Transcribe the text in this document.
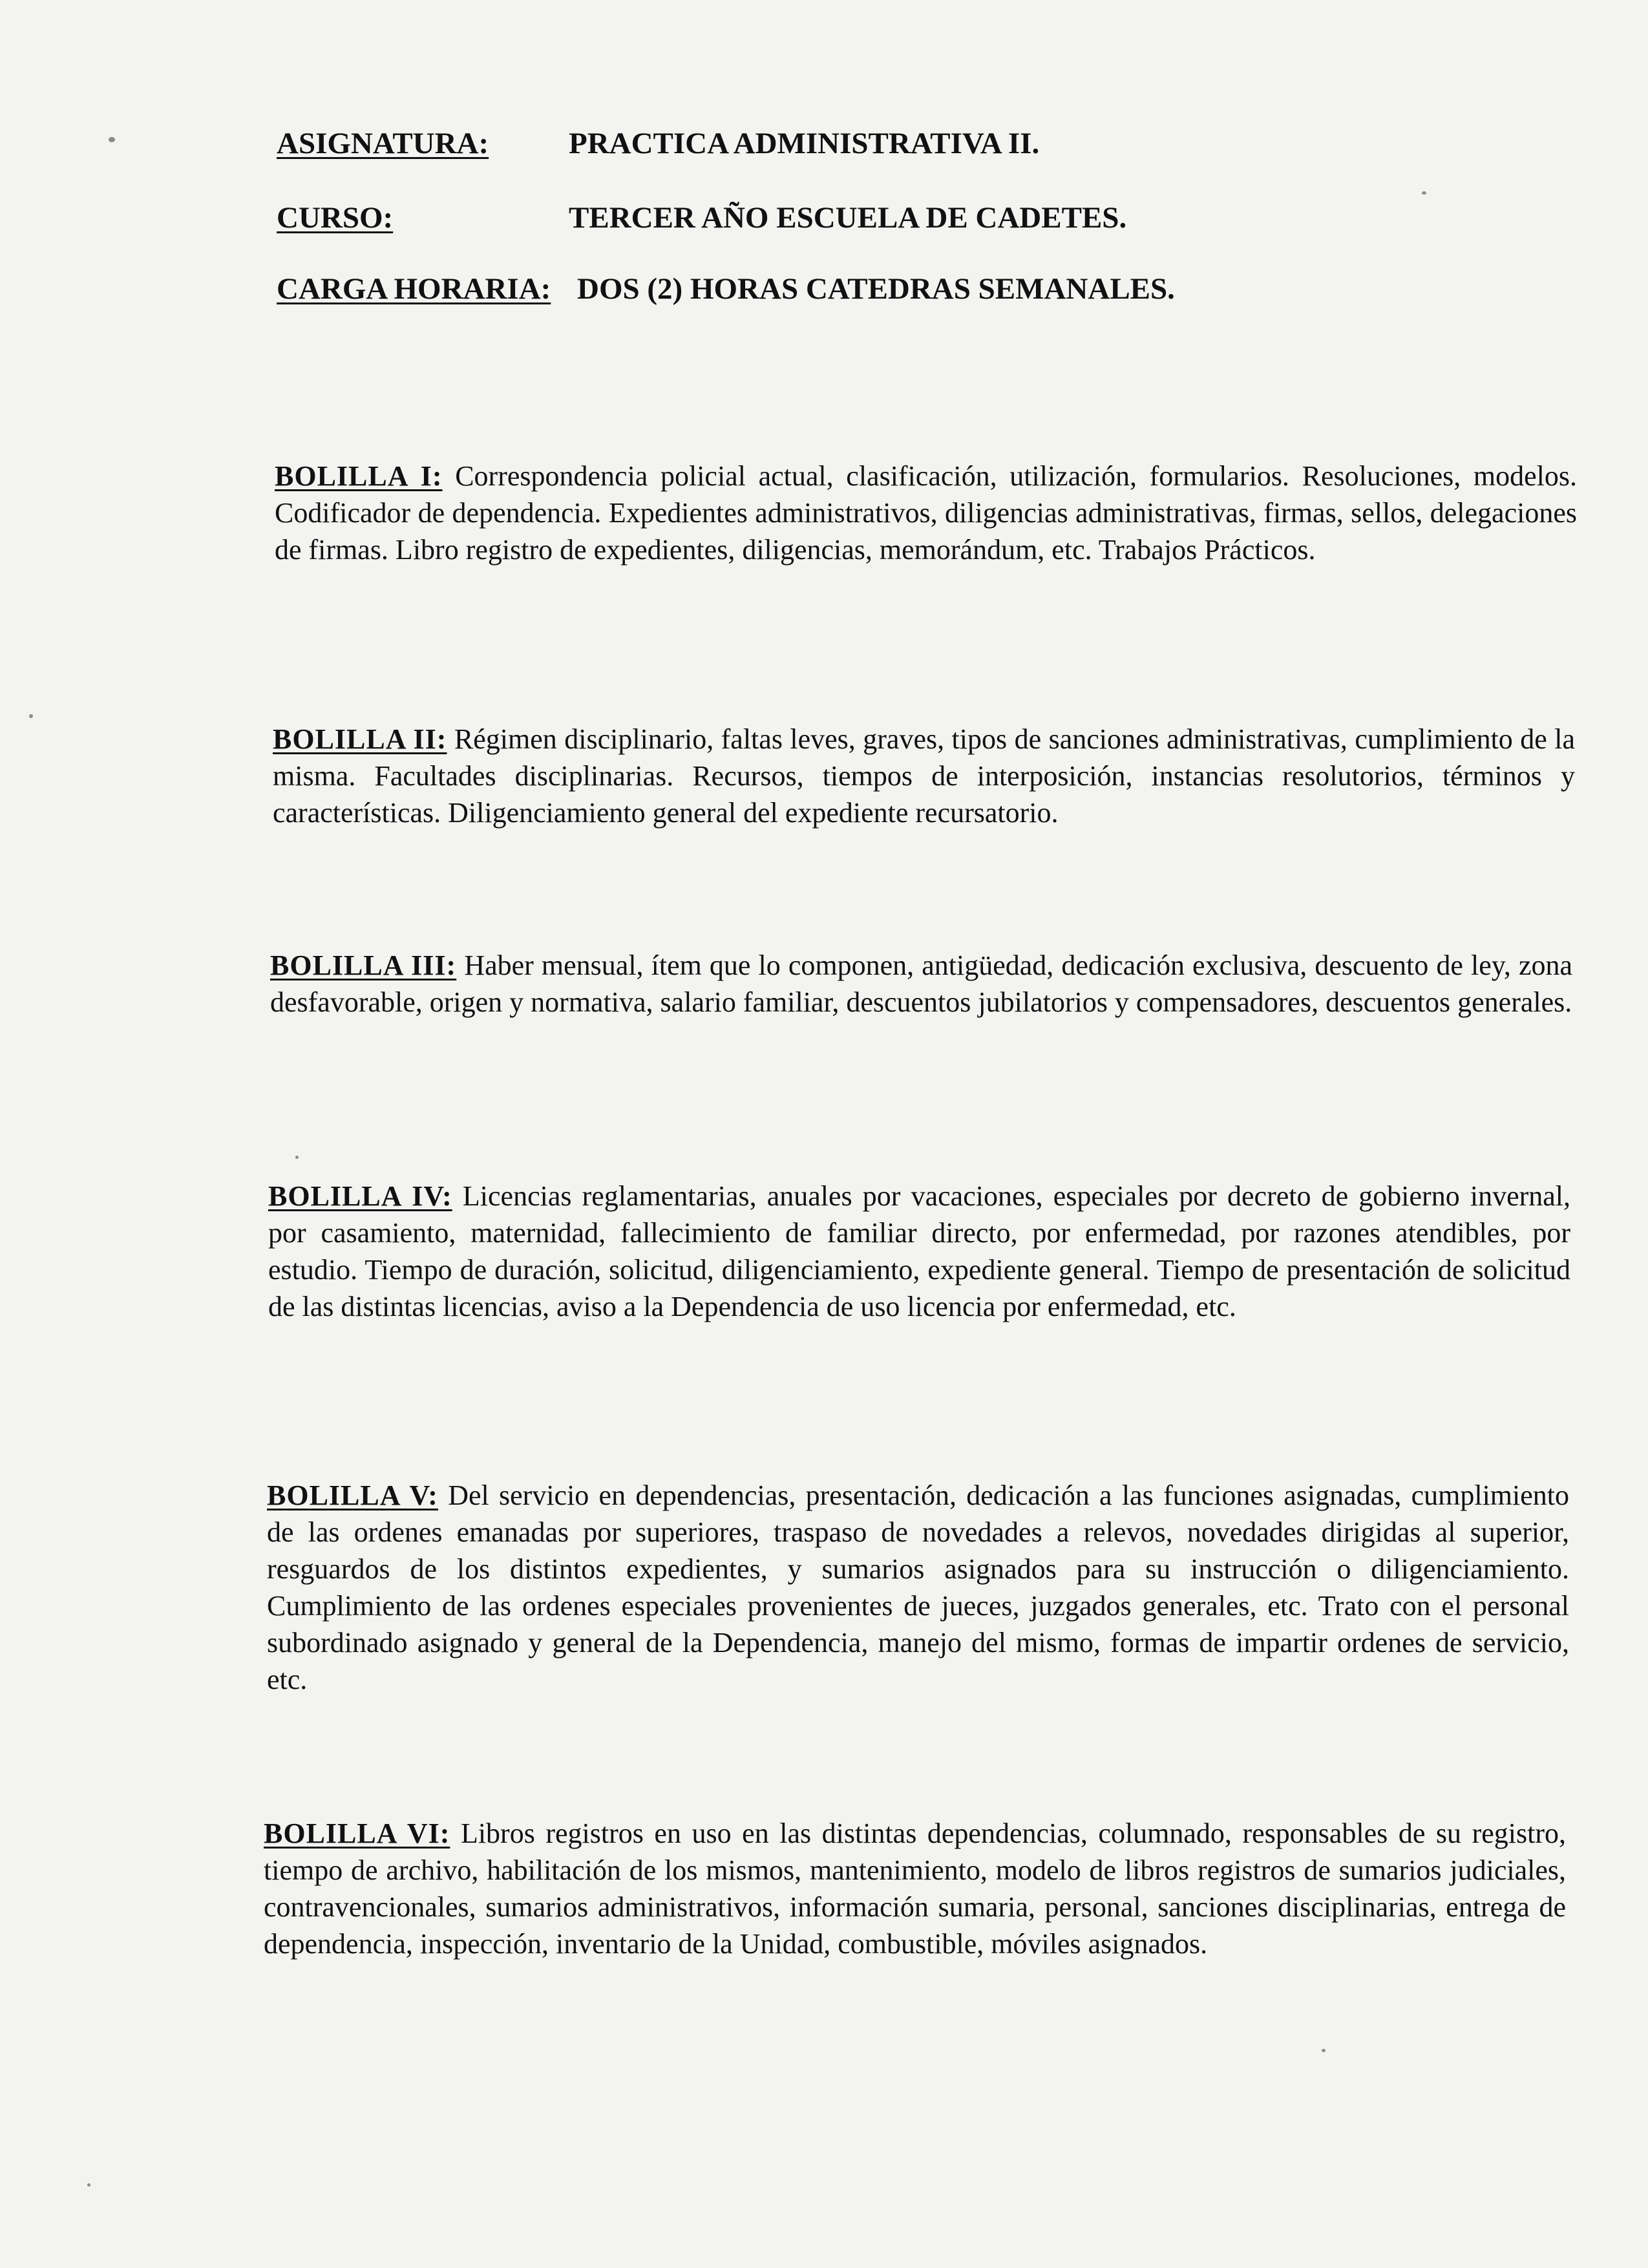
ASIGNATURA:	PRACTICA ADMINISTRATIVA II.
CURSO:	TERCER AÑO ESCUELA DE CADETES.
CARGA HORARIA: DOS (2) HORAS CATEDRAS SEMANALES.
BOLILLA I: Correspondencia policial actual, clasificación, utilización, formularios. Resoluciones, modelos. Codificador de dependencia. Expedientes administrativos, diligencias administrativas, firmas, sellos, delegaciones de firmas. Libro registro de expedientes, diligencias, memorándum, etc. Trabajos Prácticos.
BOLILLA II: Régimen disciplinario, faltas leves, graves, tipos de sanciones administrativas, cumplimiento de la misma. Facultades disciplinarias. Recursos, tiempos de interposición, instancias resolutorios, términos y características. Diligenciamiento general del expediente recursatorio.
BOLILLA III: Haber mensual, ítem que lo componen, antigüedad, dedicación exclusiva, descuento de ley, zona desfavorable, origen y normativa, salario familiar, descuentos jubilatorios y compensadores, descuentos generales.
BOLILLA IV: Licencias reglamentarias, anuales por vacaciones, especiales por decreto de gobierno invernal, por casamiento, maternidad, fallecimiento de familiar directo, por enfermedad, por razones atendibles, por estudio. Tiempo de duración, solicitud, diligenciamiento, expediente general. Tiempo de presentación de solicitud de las distintas licencias, aviso a la Dependencia de uso licencia por enfermedad, etc.
BOLILLA V: Del servicio en dependencias, presentación, dedicación a las funciones asignadas, cumplimiento de las ordenes emanadas por superiores, traspaso de novedades a relevos, novedades dirigidas al superior, resguardos de los distintos expedientes, y sumarios asignados para su instrucción o diligenciamiento. Cumplimiento de las ordenes especiales provenientes de jueces, juzgados generales, etc. Trato con el personal subordinado asignado y general de la Dependencia, manejo del mismo, formas de impartir ordenes de servicio, etc.
BOLILLA VI: Libros registros en uso en las distintas dependencias, columnado, responsables de su registro, tiempo de archivo, habilitación de los mismos, mantenimiento, modelo de libros registros de sumarios judiciales, contravencionales, sumarios administrativos, información sumaria, personal, sanciones disciplinarias, entrega de dependencia, inspección, inventario de la Unidad, combustible, móviles asignados.
